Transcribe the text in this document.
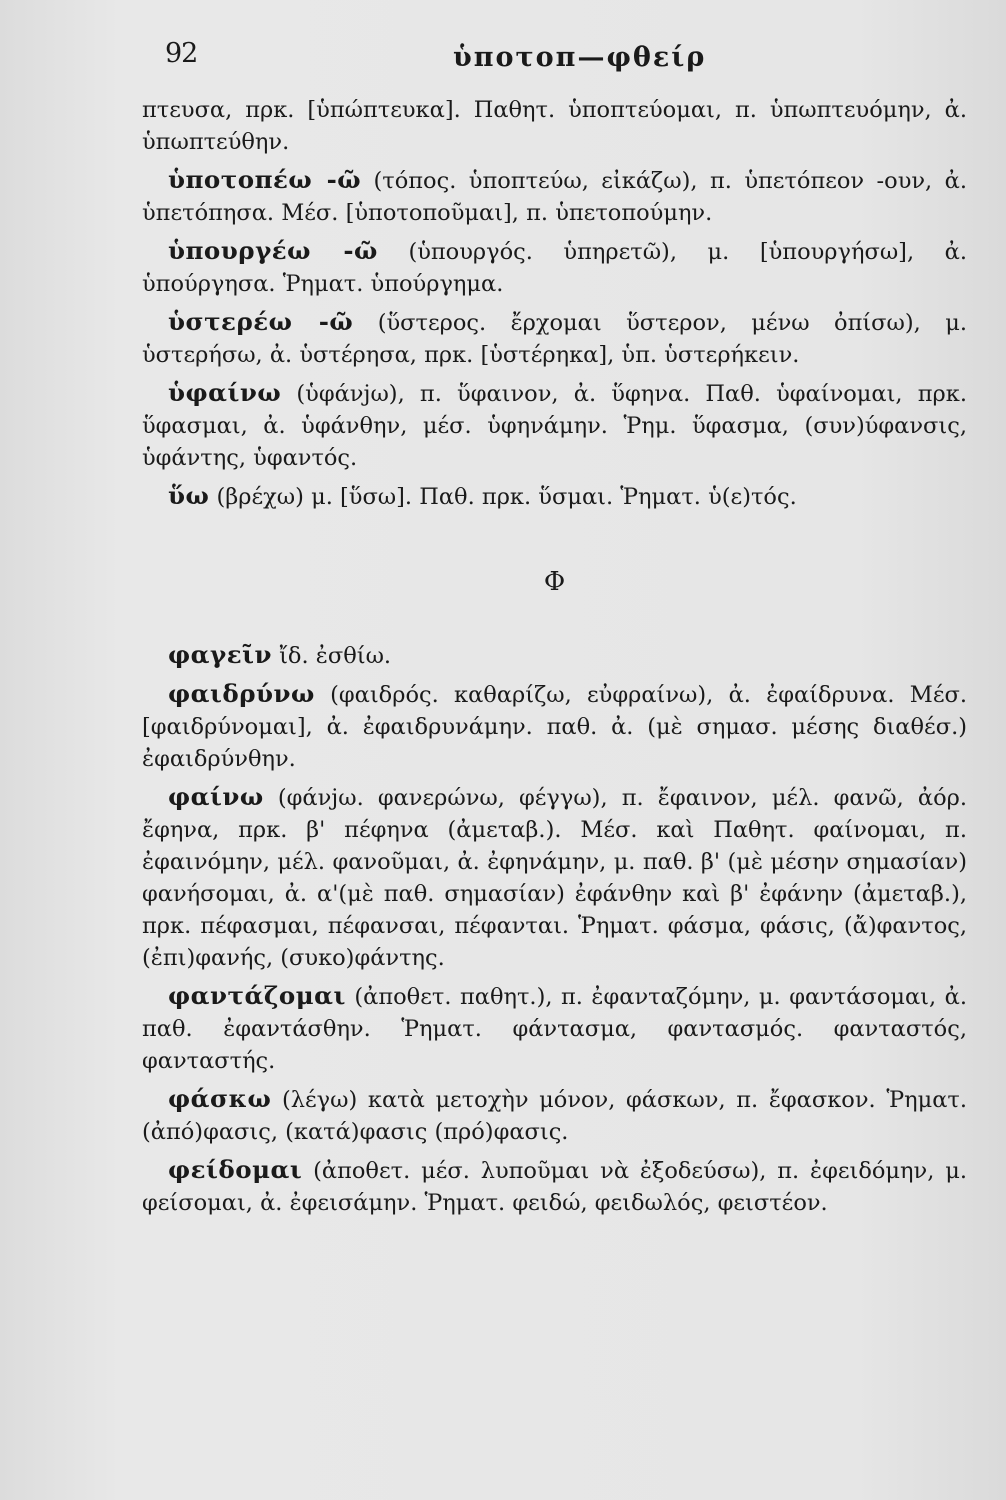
92	ὑποτοπ—φθείρ

πτευσα, πρκ. [ὑπώπτευκα]. Παθητ. ὑποπτεύομαι, π. ὑπωπτευόμην, ἀ. ὑπωπτεύθην.

ὑποτοπέω -ῶ (τόπος. ὑποπτεύω, εἰκάζω), π. ὑπετόπεον -ουν, ἀ. ὑπετόπησα. Μέσ. [ὑποτοποῦμαι], π. ὑπετοπούμην.

ὑπουργέω -ῶ (ὑπουργός. ὑπηρετῶ), μ. [ὑπουργήσω], ἀ. ὑπούργησα. Ῥηματ. ὑπούργημα.

ὑστερέω -ῶ (ὕστερος. ἔρχομαι ὕστερον, μένω ὀπίσω), μ. ὑστερήσω, ἀ. ὑστέρησα, πρκ. [ὑστέρηκα], ὑπ. ὑστερήκειν.

ὑφαίνω (ὑφάνjω), π. ὕφαινον, ἀ. ὕφηνα. Παθ. ὑφαίνομαι, πρκ. ὕφασμαι, ἀ. ὑφάνθην, μέσ. ὑφηνάμην. Ῥημ. ὕφασμα, (συν)ύφανσις, ὑφάντης, ὑφαντός.

ὕω (βρέχω) μ. [ὕσω]. Παθ. πρκ. ὕσμαι. Ῥηματ. ὑ(ε)τός.

Φ

φαγεῖν ἴδ. ἐσθίω.

φαιδρύνω (φαιδρός. καθαρίζω, εὐφραίνω), ἀ. ἐφαίδρυνα. Μέσ. [φαιδρύνομαι], ἀ. ἐφαιδρυνάμην. παθ. ἀ. (μὲ σημασ. μέσης διαθέσ.) ἐφαιδρύνθην.

φαίνω (φάνjω. φανερώνω, φέγγω), π. ἔφαινον, μέλ. φανῶ, ἀόρ. ἔφηνα, πρκ. β' πέφηνα (ἀμεταβ.). Μέσ. καὶ Παθητ. φαίνομαι, π. ἐφαινόμην, μέλ. φανοῦμαι, ἀ. ἐφηνάμην, μ. παθ. β' (μὲ μέσην σημασίαν) φανήσομαι, ἀ. α'(μὲ παθ. σημασίαν) ἐφάνθην καὶ β' ἐφάνην (ἀμεταβ.), πρκ. πέφασμαι, πέφανσαι, πέφανται. Ῥηματ. φάσμα, φάσις, (ἄ)φαντος, (ἐπι)φανής, (συκο)φάντης.

φαντάζομαι (ἀποθετ. παθητ.), π. ἐφανταζόμην, μ. φαντάσομαι, ἀ. παθ. ἐφαντάσθην. Ῥηματ. φάντασμα, φαντασμός. φανταστός, φανταστής.

φάσκω (λέγω) κατὰ μετοχὴν μόνον, φάσκων, π. ἔφασκον. Ῥηματ. (ἀπό)φασις, (κατά)φασις (πρό)φασις.

φείδομαι (ἀποθετ. μέσ. λυποῦμαι νὰ ἐξοδεύσω), π. ἐφειδόμην, μ. φείσομαι, ἀ. ἐφεισάμην. Ῥηματ. φειδώ, φειδωλός, φειστέον.
